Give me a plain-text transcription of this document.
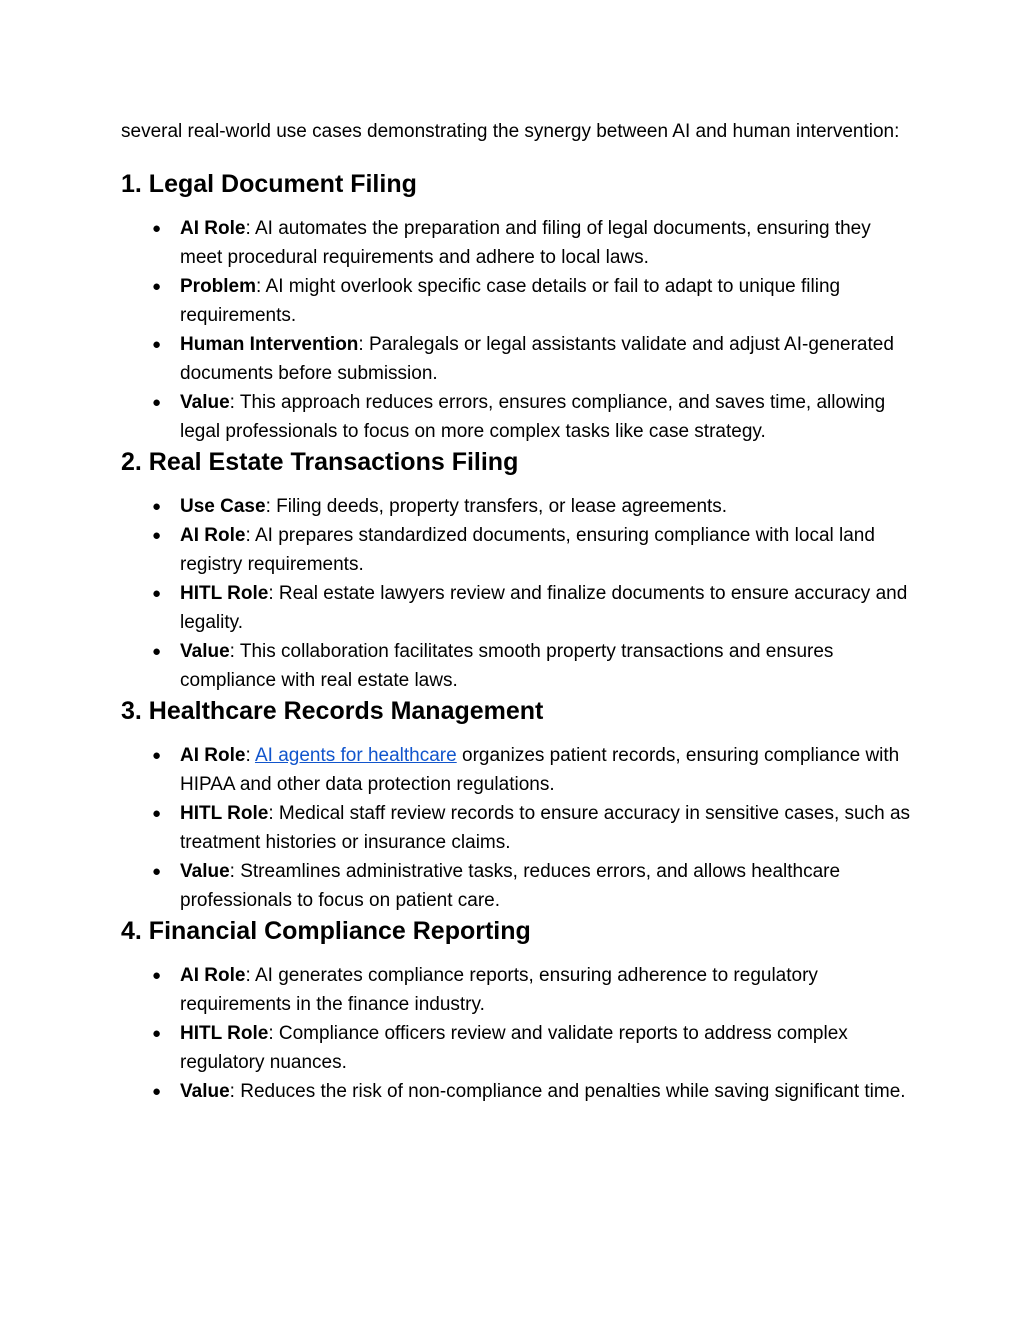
several real-world use cases demonstrating the synergy between AI and human intervention:

1. Legal Document Filing
● AI Role: AI automates the preparation and filing of legal documents, ensuring they meet procedural requirements and adhere to local laws.
● Problem: AI might overlook specific case details or fail to adapt to unique filing requirements.
● Human Intervention: Paralegals or legal assistants validate and adjust AI-generated documents before submission.
● Value: This approach reduces errors, ensures compliance, and saves time, allowing legal professionals to focus on more complex tasks like case strategy.
2. Real Estate Transactions Filing
● Use Case: Filing deeds, property transfers, or lease agreements.
● AI Role: AI prepares standardized documents, ensuring compliance with local land registry requirements.
● HITL Role: Real estate lawyers review and finalize documents to ensure accuracy and legality.
● Value: This collaboration facilitates smooth property transactions and ensures compliance with real estate laws.
3. Healthcare Records Management
● AI Role: AI agents for healthcare organizes patient records, ensuring compliance with HIPAA and other data protection regulations.
● HITL Role: Medical staff review records to ensure accuracy in sensitive cases, such as treatment histories or insurance claims.
● Value: Streamlines administrative tasks, reduces errors, and allows healthcare professionals to focus on patient care.
4. Financial Compliance Reporting
● AI Role: AI generates compliance reports, ensuring adherence to regulatory requirements in the finance industry.
● HITL Role: Compliance officers review and validate reports to address complex regulatory nuances.
● Value: Reduces the risk of non-compliance and penalties while saving significant time.
